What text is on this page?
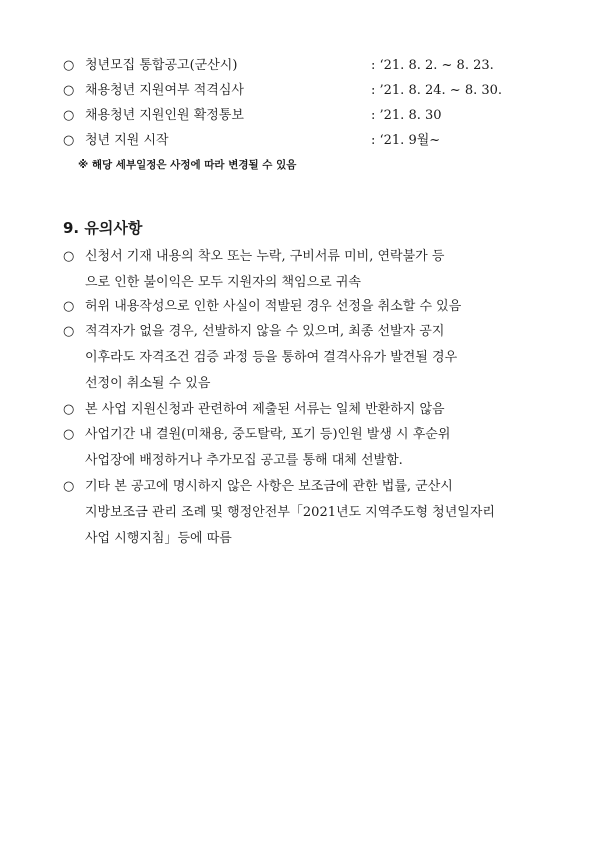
○ 청년모집 통합공고(군산시)	: ‘21. 8. 2. ~ 8. 23.
○ 채용청년 지원여부 적격심사	: ’21. 8. 24. ~ 8. 30.
○ 채용청년 지원인원 확정통보	: ’21. 8. 30
○ 청년 지원 시작	: ‘21. 9월~
※ 해당 세부일정은 사정에 따라 변경될 수 있음
9. 유의사항
○ 신청서 기재 내용의 착오 또는 누락, 구비서류 미비, 연락불가 등
으로 인한 불이익은 모두 지원자의 책임으로 귀속
○ 허위 내용작성으로 인한 사실이 적발된 경우 선정을 취소할 수 있음
○ 적격자가 없을 경우, 선발하지 않을 수 있으며, 최종 선발자 공지
이후라도 자격조건 검증 과정 등을 통하여 결격사유가 발견될 경우
선정이 취소될 수 있음
○ 본 사업 지원신청과 관련하여 제출된 서류는 일체 반환하지 않음
○ 사업기간 내 결원(미채용, 중도탈락, 포기 등)인원 발생 시 후순위
사업장에 배정하거나 추가모집 공고를 통해 대체 선발함.
○ 기타 본 공고에 명시하지 않은 사항은 보조금에 관한 법률, 군산시
지방보조금 관리 조례 및 행정안전부「2021년도 지역주도형 청년일자리
사업 시행지침」등에 따름
